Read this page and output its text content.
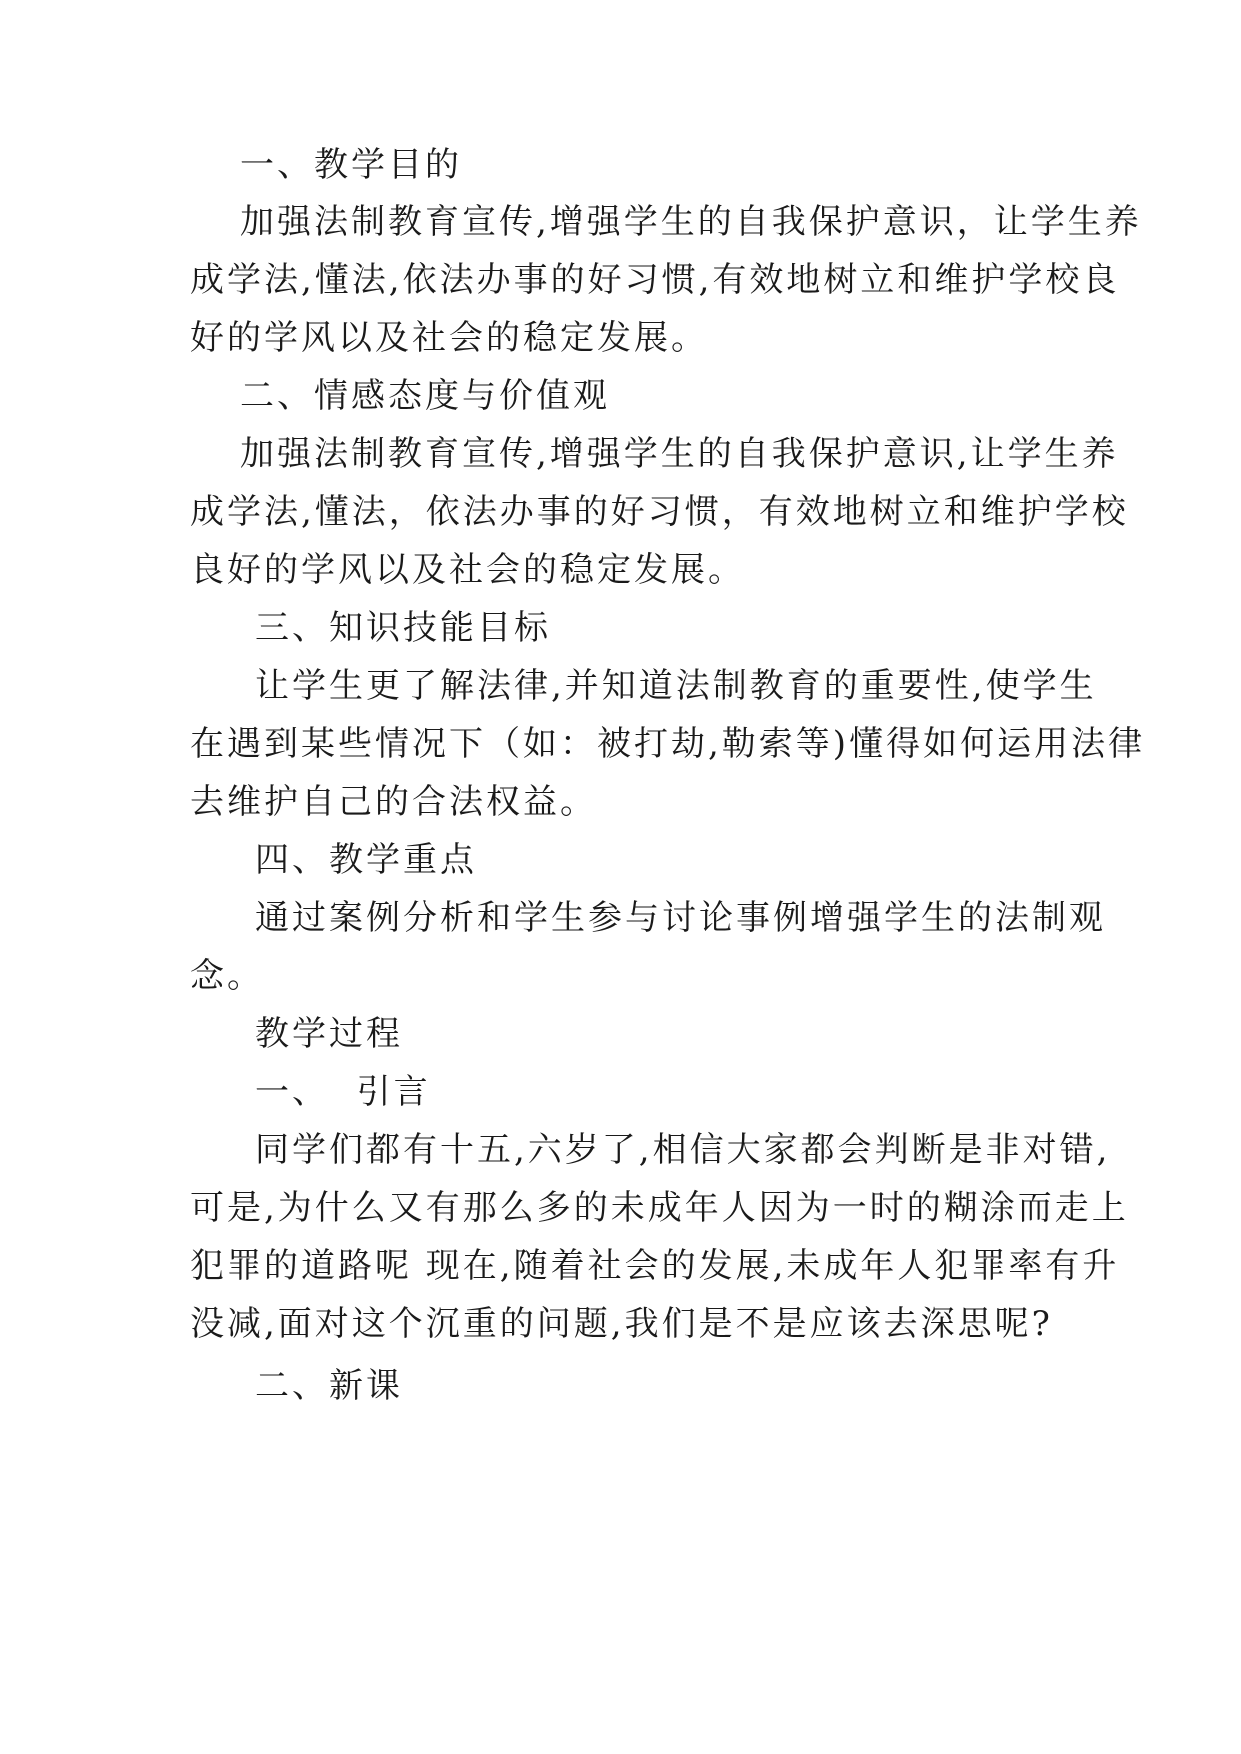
一、教学目的
加强法制教育宣传,增强学生的自我保护意识，让学生养
成学法,懂法,依法办事的好习惯,有效地树立和维护学校良
好的学风以及社会的稳定发展。
二、情感态度与价值观
加强法制教育宣传,增强学生的自我保护意识,让学生养
成学法,懂法，依法办事的好习惯，有效地树立和维护学校
良好的学风以及社会的稳定发展。
三、知识技能目标
让学生更了解法律,并知道法制教育的重要性,使学生
在遇到某些情况下（如：被打劫,勒索等)懂得如何运用法律
去维护自己的合法权益。
四、教学重点
通过案例分析和学生参与讨论事例增强学生的法制观
念。
教学过程
一、  引言
同学们都有十五,六岁了,相信大家都会判断是非对错,
可是,为什么又有那么多的未成年人因为一时的糊涂而走上
犯罪的道路呢 现在,随着社会的发展,未成年人犯罪率有升
没减,面对这个沉重的问题,我们是不是应该去深思呢?
二、新课
